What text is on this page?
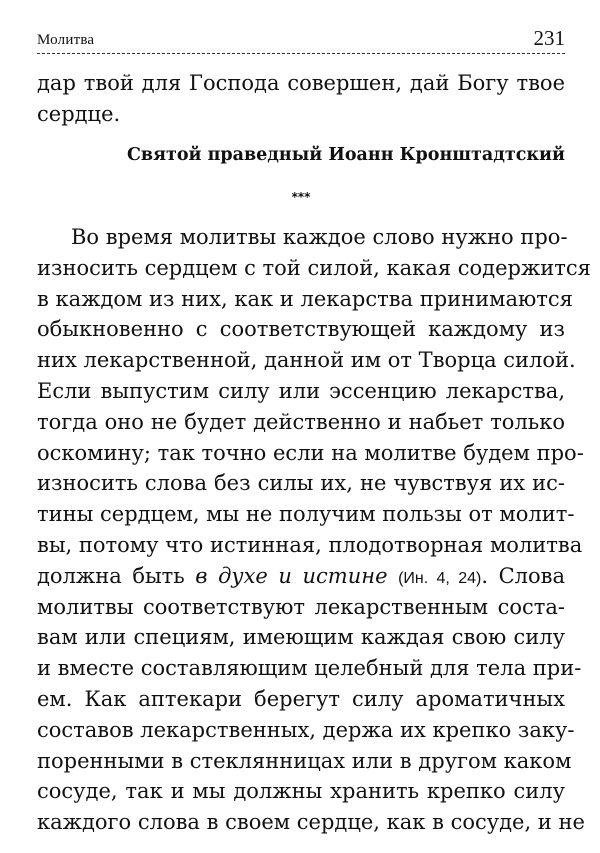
Молитва	231
дар твой для Господа совершен, дай Богу твое
сердце.
Святой праведный Иоанн Кронштадтский
***
Во время молитвы каждое слово нужно про-
износить сердцем с той силой, какая содержится
в каждом из них, как и лекарства принимаются
обыкновенно с соответствующей каждому из
них лекарственной, данной им от Творца силой.
Если выпустим силу или эссенцию лекарства,
тогда оно не будет действенно и набьет только
оскомину; так точно если на молитве будем про-
износить слова без силы их, не чувствуя их ис-
тины сердцем, мы не получим пользы от молит-
вы, потому что истинная, плодотворная молитва
должна быть в духе и истине (Ин. 4, 24). Слова
молитвы соответствуют лекарственным соста-
вам или специям, имеющим каждая свою силу
и вместе составляющим целебный для тела при-
ем. Как аптекари берегут силу ароматичных
составов лекарственных, держа их крепко заку-
поренными в стеклянницах или в другом каком
сосуде, так и мы должны хранить крепко силу
каждого слова в своем сердце, как в сосуде, и не
